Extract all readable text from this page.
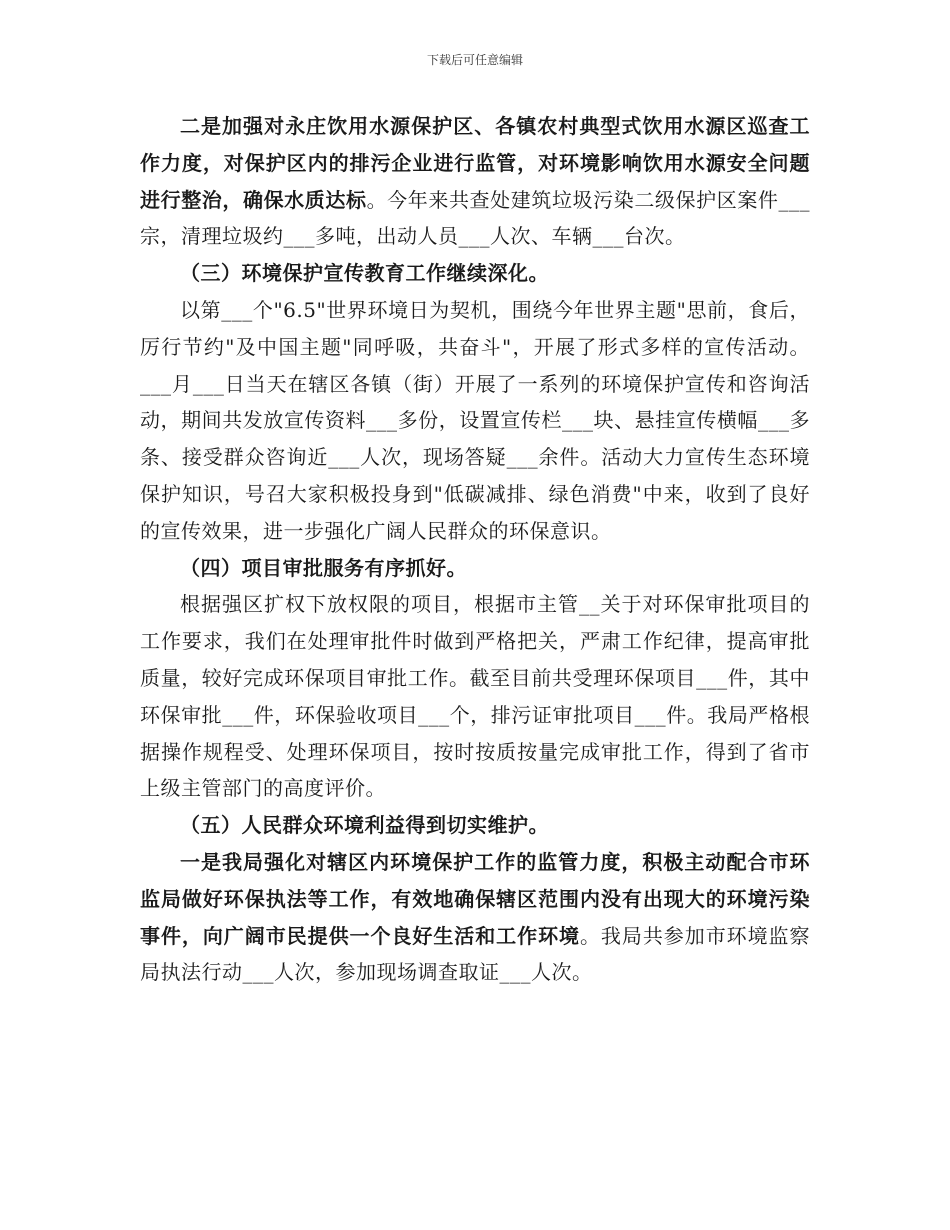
下载后可任意编辑

二是加强对永庄饮用水源保护区、各镇农村典型式饮用水源区巡查工作力度，对保护区内的排污企业进行监管，对环境影响饮用水源安全问题进行整治，确保水质达标。今年来共查处建筑垃圾污染二级保护区案件___宗，清理垃圾约___多吨，出动人员___人次、车辆___台次。

（三）环境保护宣传教育工作继续深化。

以第___个"6.5"世界环境日为契机，围绕今年世界主题"思前，食后，厉行节约"及中国主题"同呼吸，共奋斗"，开展了形式多样的宣传活动。___月___日当天在辖区各镇（街）开展了一系列的环境保护宣传和咨询活动，期间共发放宣传资料___多份，设置宣传栏___块、悬挂宣传横幅___多条、接受群众咨询近___人次，现场答疑___余件。活动大力宣传生态环境保护知识，号召大家积极投身到"低碳减排、绿色消费"中来，收到了良好的宣传效果，进一步强化广阔人民群众的环保意识。

（四）项目审批服务有序抓好。

根据强区扩权下放权限的项目，根据市主管__关于对环保审批项目的工作要求，我们在处理审批件时做到严格把关，严肃工作纪律，提高审批质量，较好完成环保项目审批工作。截至目前共受理环保项目___件，其中环保审批___件，环保验收项目___个，排污证审批项目___件。我局严格根据操作规程受、处理环保项目，按时按质按量完成审批工作，得到了省市上级主管部门的高度评价。

（五）人民群众环境利益得到切实维护。

一是我局强化对辖区内环境保护工作的监管力度，积极主动配合市环监局做好环保执法等工作，有效地确保辖区范围内没有出现大的环境污染事件，向广阔市民提供一个良好生活和工作环境。我局共参加市环境监察局执法行动___人次，参加现场调查取证___人次。
